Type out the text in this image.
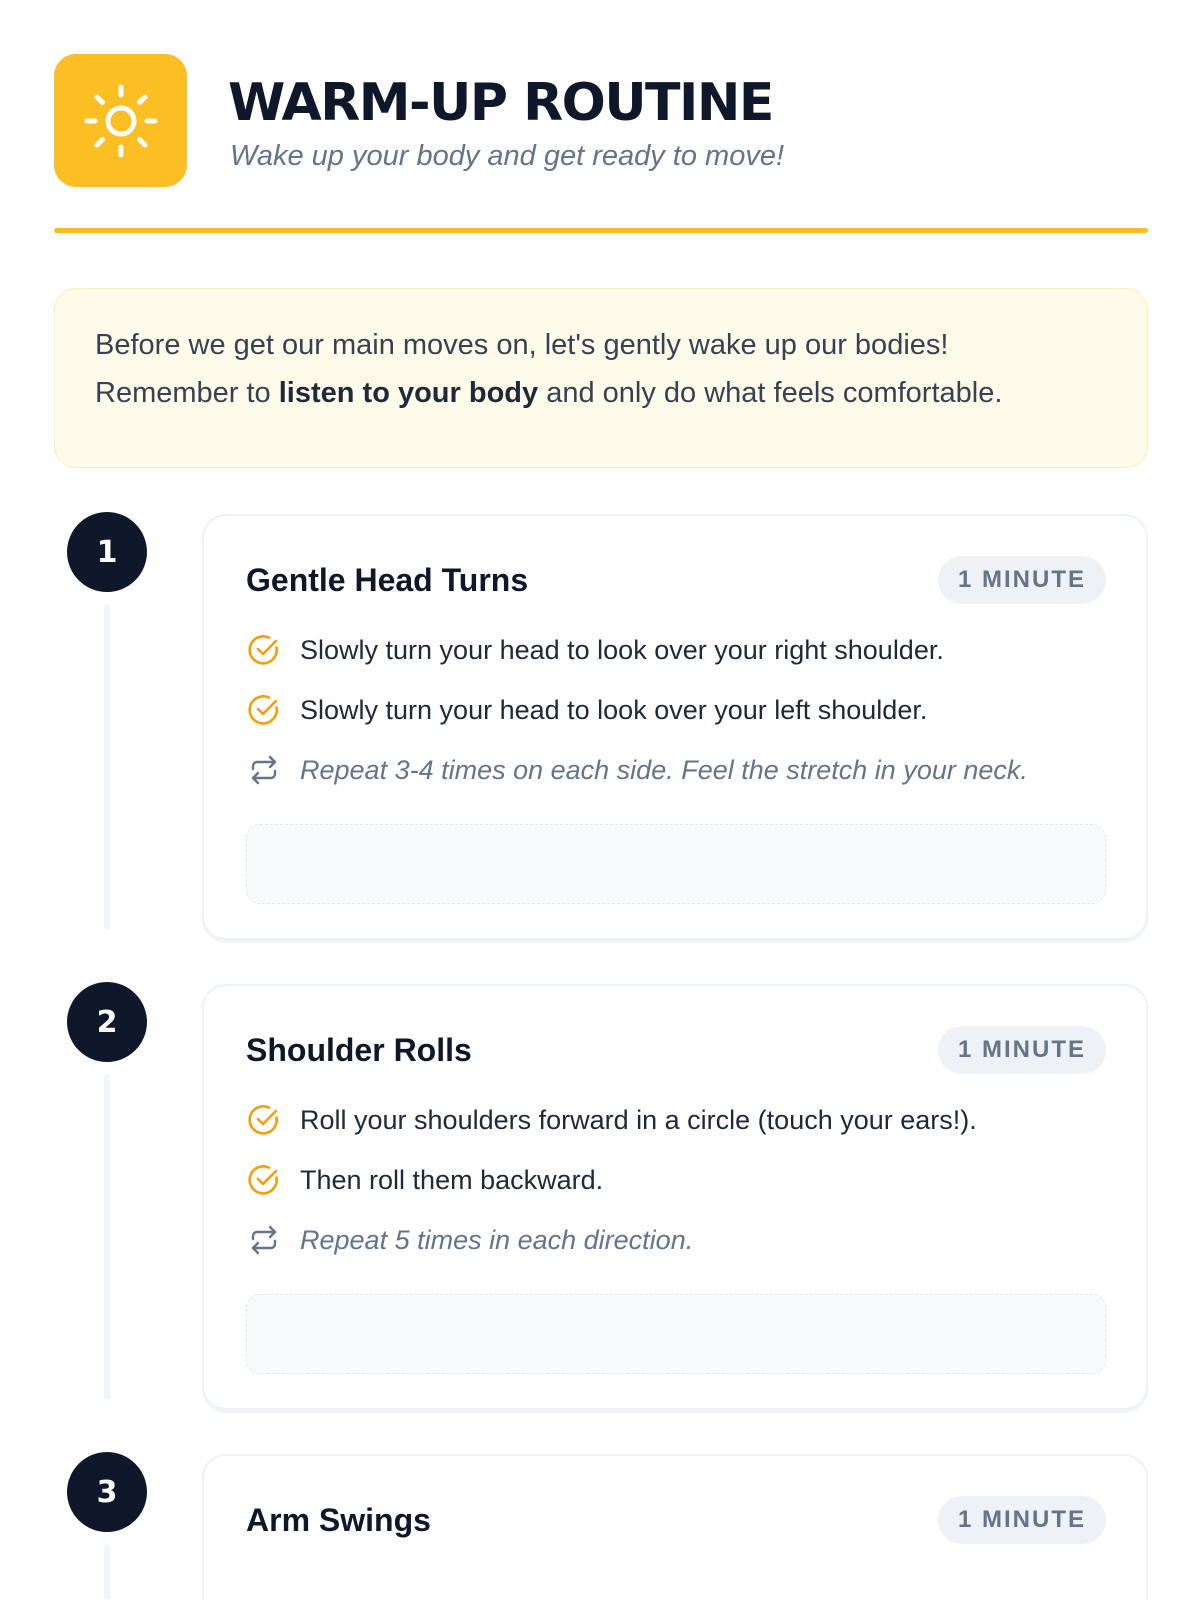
WARM-UP ROUTINE
Wake up your body and get ready to move!
Before we get our main moves on, let's gently wake up our bodies!
Remember to listen to your body and only do what feels comfortable.
1
Gentle Head Turns	1 MINUTE
Slowly turn your head to look over your right shoulder.
Slowly turn your head to look over your left shoulder.
Repeat 3-4 times on each side. Feel the stretch in your neck.
2
Shoulder Rolls	1 MINUTE
Roll your shoulders forward in a circle (touch your ears!).
Then roll them backward.
Repeat 5 times in each direction.
3
Arm Swings	1 MINUTE
